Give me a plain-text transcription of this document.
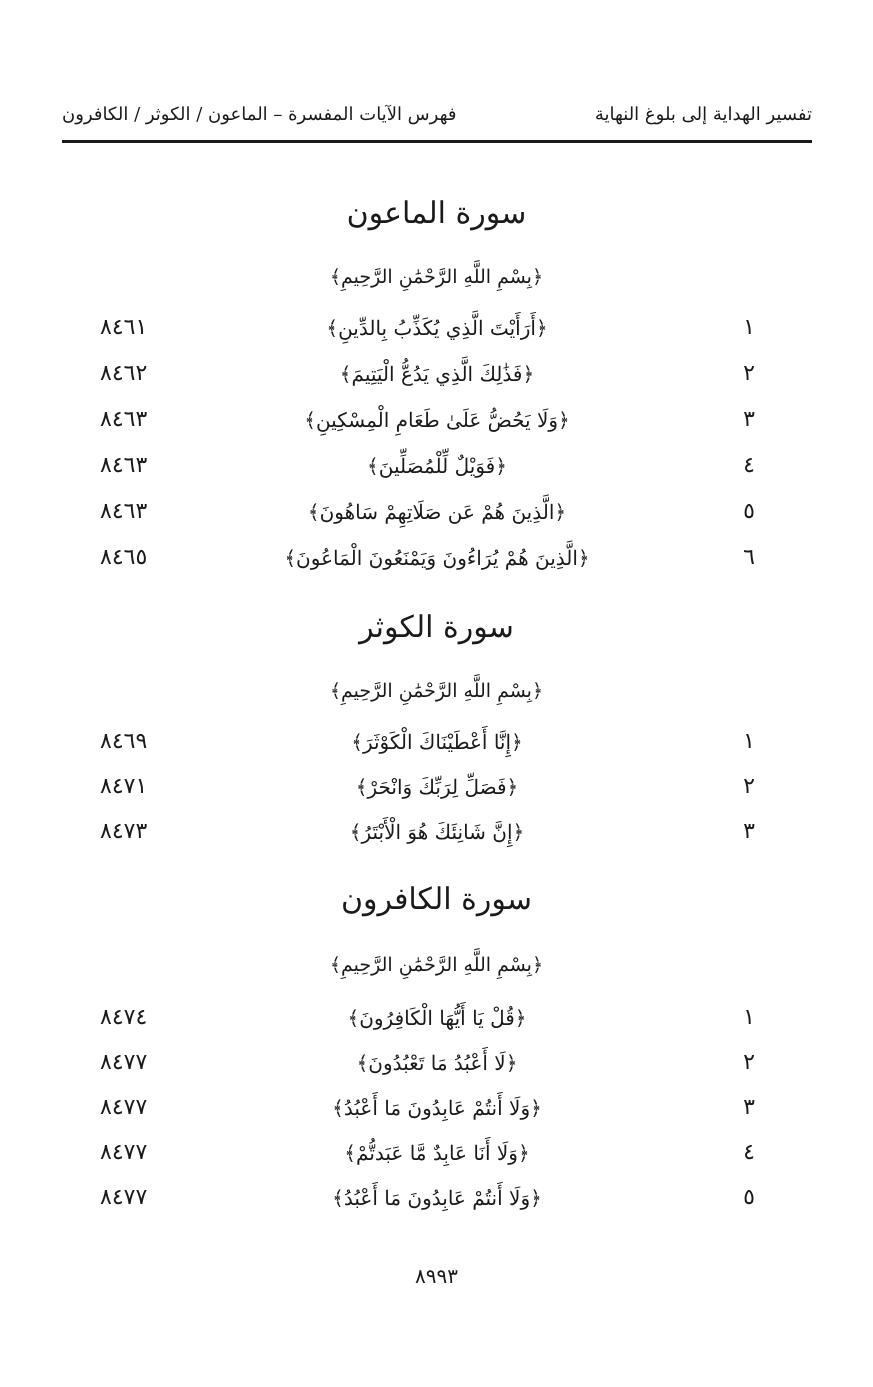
تفسير الهداية إلى بلوغ النهاية
فهرس الآيات المفسرة – الماعون / الكوثر / الكافرون
سورة الماعون
﴿بِسْمِ اللَّهِ الرَّحْمَٰنِ الرَّحِيمِ﴾
١
﴿أَرَأَيْتَ الَّذِي يُكَذِّبُ بِالدِّينِ﴾
٨٤٦١
٢
﴿فَذَٰلِكَ الَّذِي يَدُعُّ الْيَتِيمَ﴾
٨٤٦٢
٣
﴿وَلَا يَحُضُّ عَلَىٰ طَعَامِ الْمِسْكِينِ﴾
٨٤٦٣
٤
﴿فَوَيْلٌ لِّلْمُصَلِّينَ﴾
٨٤٦٣
٥
﴿الَّذِينَ هُمْ عَن صَلَاتِهِمْ سَاهُونَ﴾
٨٤٦٣
٦
﴿الَّذِينَ هُمْ يُرَاءُونَ وَيَمْنَعُونَ الْمَاعُونَ﴾
٨٤٦٥
سورة الكوثر
﴿بِسْمِ اللَّهِ الرَّحْمَٰنِ الرَّحِيمِ﴾
١
﴿إِنَّا أَعْطَيْنَاكَ الْكَوْثَرَ﴾
٨٤٦٩
٢
﴿فَصَلِّ لِرَبِّكَ وَانْحَرْ﴾
٨٤٧١
٣
﴿إِنَّ شَانِئَكَ هُوَ الْأَبْتَرُ﴾
٨٤٧٣
سورة الكافرون
﴿بِسْمِ اللَّهِ الرَّحْمَٰنِ الرَّحِيمِ﴾
١
﴿قُلْ يَا أَيُّهَا الْكَافِرُونَ﴾
٨٤٧٤
٢
﴿لَا أَعْبُدُ مَا تَعْبُدُونَ﴾
٨٤٧٧
٣
﴿وَلَا أَنتُمْ عَابِدُونَ مَا أَعْبُدُ﴾
٨٤٧٧
٤
﴿وَلَا أَنَا عَابِدٌ مَّا عَبَدتُّمْ﴾
٨٤٧٧
٥
﴿وَلَا أَنتُمْ عَابِدُونَ مَا أَعْبُدُ﴾
٨٤٧٧
٨٩٩٣
